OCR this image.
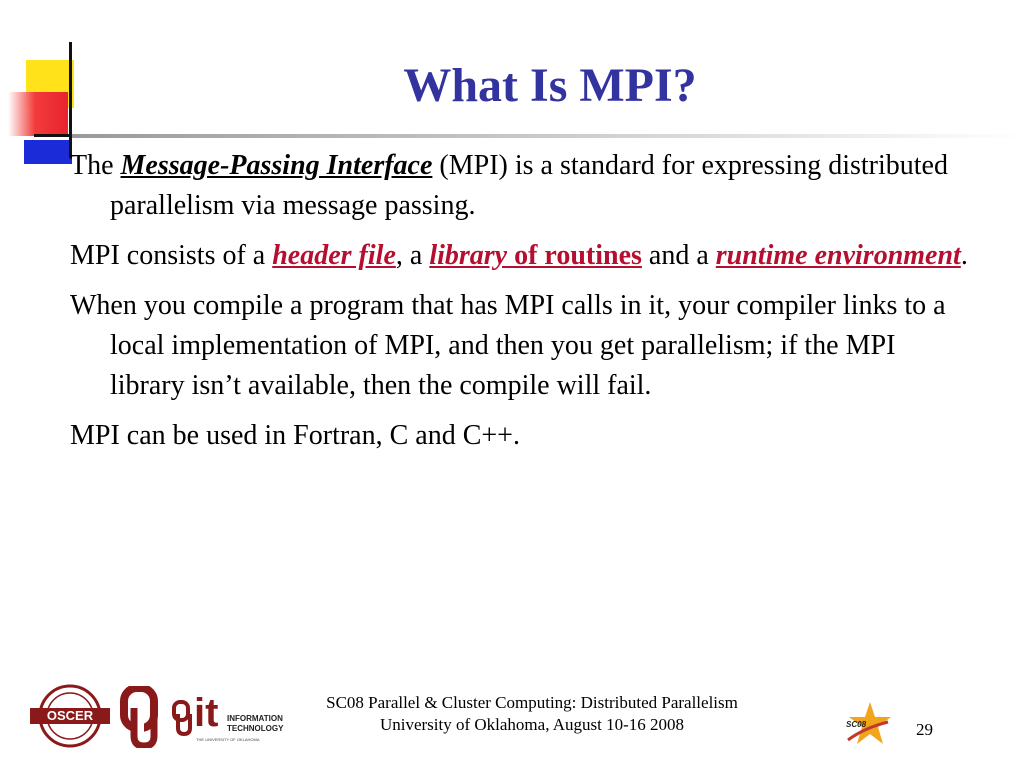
What Is MPI?

The Message-Passing Interface (MPI) is a standard for expressing distributed parallelism via message passing.

MPI consists of a header file, a library of routines and a runtime environment.

When you compile a program that has MPI calls in it, your compiler links to a local implementation of MPI, and then you get parallelism; if the MPI library isn’t available, then the compile will fail.

MPI can be used in Fortran, C and C++.

OSCER	it INFORMATION
TECHNOLOGY
THE UNIVERSITY OF OKLAHOMA
SC08 Parallel & Cluster Computing: Distributed Parallelism
University of Oklahoma, August 10-16 2008	SC08	29
